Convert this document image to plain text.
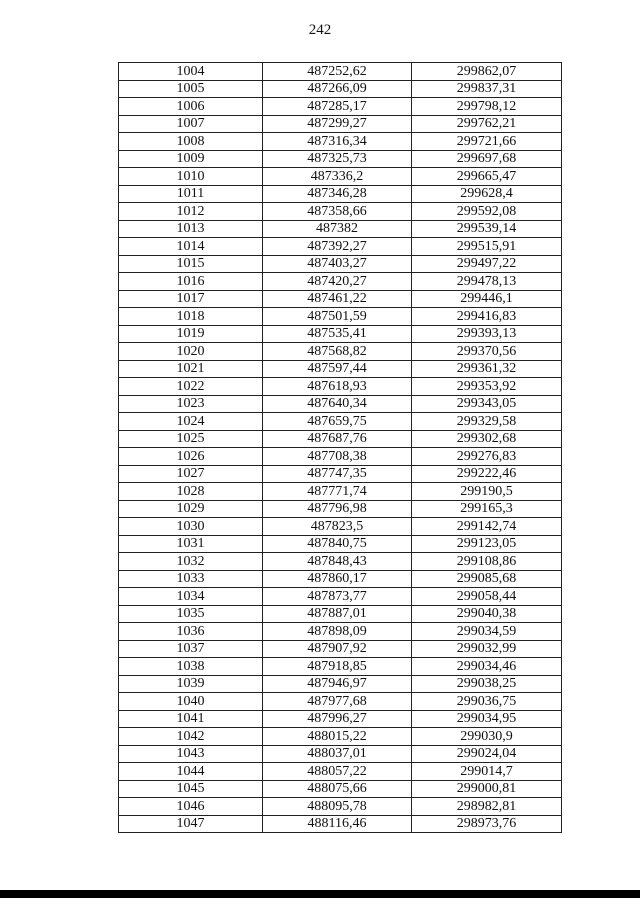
242
1004	487252,62	299862,07
1005	487266,09	299837,31
1006	487285,17	299798,12
1007	487299,27	299762,21
1008	487316,34	299721,66
1009	487325,73	299697,68
1010	487336,2	299665,47
1011	487346,28	299628,4
1012	487358,66	299592,08
1013	487382	299539,14
1014	487392,27	299515,91
1015	487403,27	299497,22
1016	487420,27	299478,13
1017	487461,22	299446,1
1018	487501,59	299416,83
1019	487535,41	299393,13
1020	487568,82	299370,56
1021	487597,44	299361,32
1022	487618,93	299353,92
1023	487640,34	299343,05
1024	487659,75	299329,58
1025	487687,76	299302,68
1026	487708,38	299276,83
1027	487747,35	299222,46
1028	487771,74	299190,5
1029	487796,98	299165,3
1030	487823,5	299142,74
1031	487840,75	299123,05
1032	487848,43	299108,86
1033	487860,17	299085,68
1034	487873,77	299058,44
1035	487887,01	299040,38
1036	487898,09	299034,59
1037	487907,92	299032,99
1038	487918,85	299034,46
1039	487946,97	299038,25
1040	487977,68	299036,75
1041	487996,27	299034,95
1042	488015,22	299030,9
1043	488037,01	299024,04
1044	488057,22	299014,7
1045	488075,66	299000,81
1046	488095,78	298982,81
1047	488116,46	298973,76
